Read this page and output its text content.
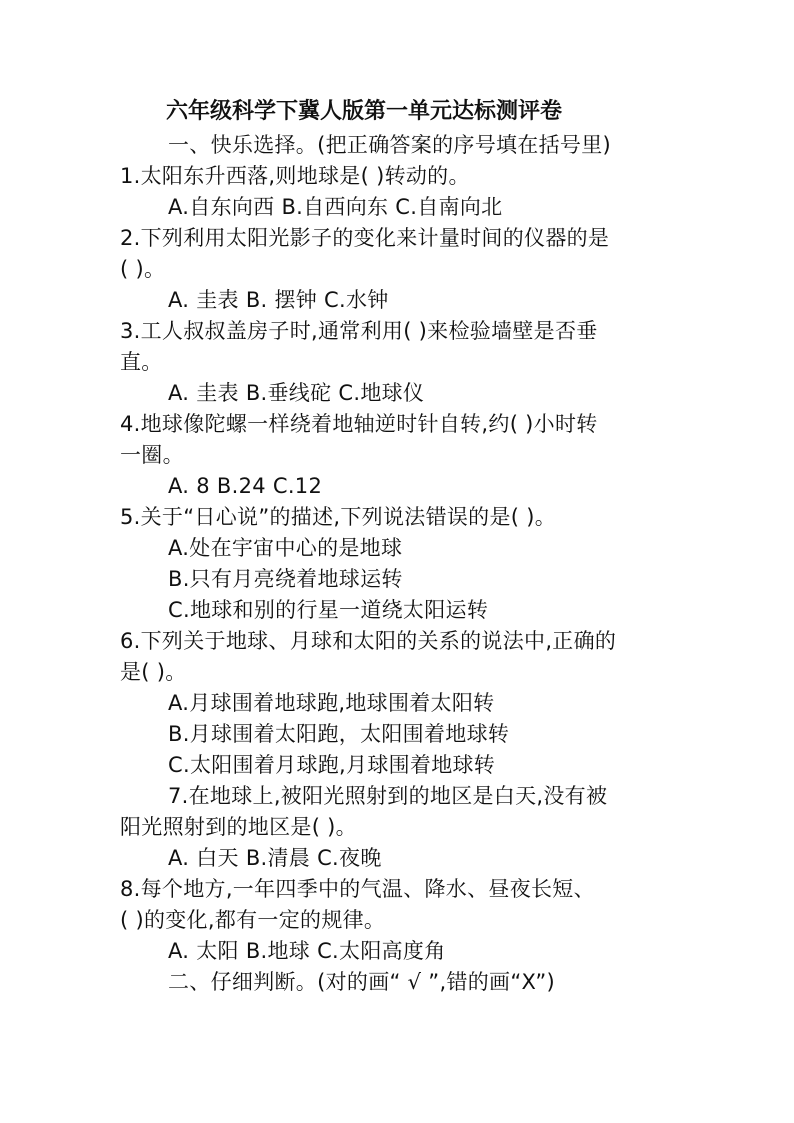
六年级科学下冀人版第一单元达标测评卷
一、快乐选择。(把正确答案的序号填在括号里)
1.太阳东升西落,则地球是( )转动的。
A.自东向西 B.自西向东 C.自南向北
2.下列利用太阳光影子的变化来计量时间的仪器的是
( )。
A. 圭表 B. 摆钟 C.水钟
3.工人叔叔盖房子时,通常利用( )来检验墙壁是否垂
直。
A. 圭表 B.垂线砣 C.地球仪
4.地球像陀螺一样绕着地轴逆时针自转,约( )小时转
一圈。
A. 8 B.24 C.12
5.关于“日心说”的描述,下列说法错误的是( )。
A.处在宇宙中心的是地球
B.只有月亮绕着地球运转
C.地球和别的行星一道绕太阳运转
6.下列关于地球、月球和太阳的关系的说法中,正确的
是( )。
A.月球围着地球跑,地球围着太阳转
B.月球围着太阳跑，太阳围着地球转
C.太阳围着月球跑,月球围着地球转
7.在地球上,被阳光照射到的地区是白天,没有被
阳光照射到的地区是( )。
A. 白天 B.清晨 C.夜晚
8.每个地方,一年四季中的气温、降水、昼夜长短、
( )的变化,都有一定的规律。
A. 太阳 B.地球 C.太阳高度角
二、仔细判断。(对的画“ √ ”,错的画“X”)
